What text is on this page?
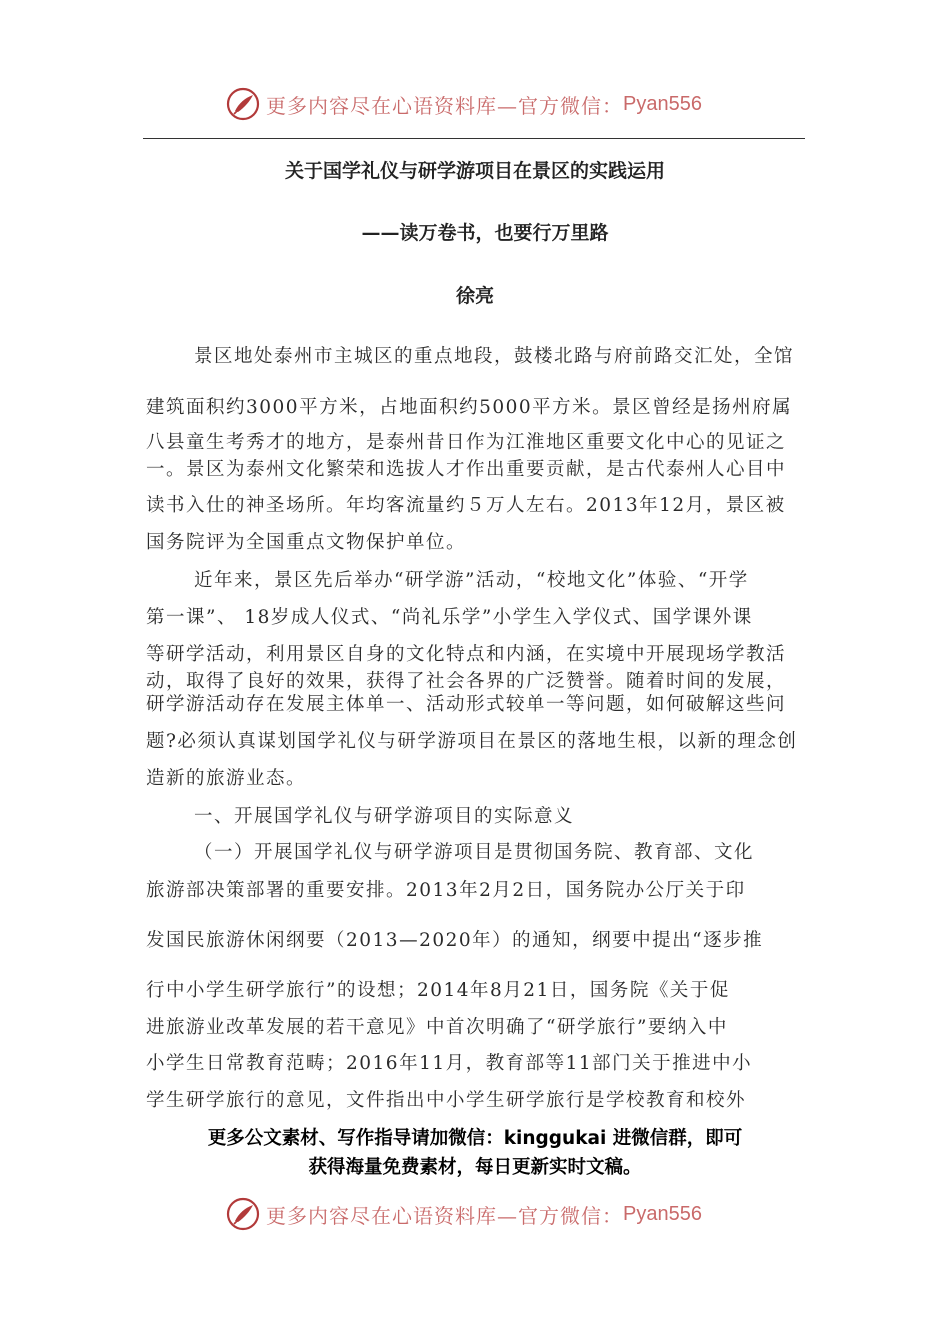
更多内容尽在心语资料库—官方微信： Pyan556
关于国学礼仪与研学游项目在景区的实践运用
——读万卷书，也要行万里路
徐亮
景区地处泰州市主城区的重点地段，鼓楼北路与府前路交汇处，全馆
建筑面积约3000平方米，占地面积约5000平方米。景区曾经是扬州府属
八县童生考秀才的地方，是泰州昔日作为江淮地区重要文化中心的见证之
一。景区为泰州文化繁荣和选拔人才作出重要贡献，是古代泰州人心目中
读书入仕的神圣场所。年均客流量约５万人左右。2013年12月，景区被
国务院评为全国重点文物保护单位。
近年来，景区先后举办“研学游”活动，“校地文化”体验、“开学
第一课”、 18岁成人仪式、“尚礼乐学”小学生入学仪式、国学课外课
等研学活动，利用景区自身的文化特点和内涵，在实境中开展现场学教活
动，取得了良好的效果，获得了社会各界的广泛赞誉。随着时间的发展，
研学游活动存在发展主体单一、活动形式较单一等问题，如何破解这些问
题?必须认真谋划国学礼仪与研学游项目在景区的落地生根，以新的理念创
造新的旅游业态。
一、开展国学礼仪与研学游项目的实际意义
（一）开展国学礼仪与研学游项目是贯彻国务院、教育部、文化
旅游部决策部署的重要安排。2013年2月2日，国务院办公厅关于印
发国民旅游休闲纲要（2013—2020年）的通知，纲要中提出“逐步推
行中小学生研学旅行”的设想；2014年8月21日，国务院《关于促
进旅游业改革发展的若干意见》中首次明确了“研学旅行”要纳入中
小学生日常教育范畴；2016年11月，教育部等11部门关于推进中小
学生研学旅行的意见，文件指出中小学生研学旅行是学校教育和校外
更多公文素材、写作指导请加微信：kinggukai 进微信群，即可
获得海量免费素材，每日更新实时文稿。
更多内容尽在心语资料库—官方微信： Pyan556
